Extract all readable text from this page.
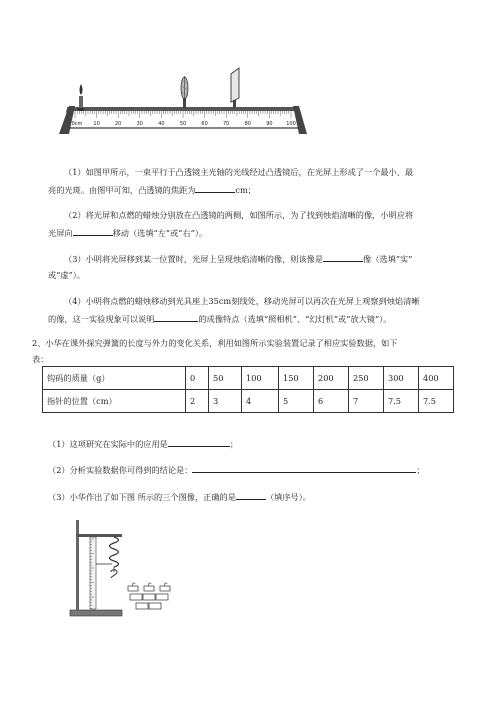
0cm 10	20	30	40	50	60	70	80	90	100
（1）如图甲所示，一束平行于凸透镜主光轴的光线经过凸透镜后，在光屏上形成了一个最小、最
亮的光斑。由图甲可知，凸透镜的焦距为	cm；
（2）将光屏和点燃的蜡烛分别放在凸透镜的两侧，如图所示，为了找到烛焰清晰的像，小明应将
光屏向	移动（选填“左”或“右”）。
（3）小明将光屏移到某一位置时，光屏上呈现烛焰清晰的像，则该像是	像（选填“实”
或“虚”）。
（4）小明将点燃的蜡烛移动到光具座上35cm刻线处，移动光屏可以再次在光屏上观察到烛焰清晰
的像，这一实验现象可以说明	的成像特点（选填“照相机”、“幻灯机”或“放大镜”）。
2、小华在课外探究弹簧的长度与外力的变化关系，利用如图所示实验装置记录了相应实验数据，如下
表：
钩码的质量（g）	0	50	100	150	200	250	300	400
指针的位置（cm）	2	3	4	5	6	7	7.5	7.5
（1）这项研究在实际中的应用是	；
（2）分析实验数据你可得到的结论是：	；
（3）小华作出了如下图 所示的三个图像，正确的是	（填序号）。
